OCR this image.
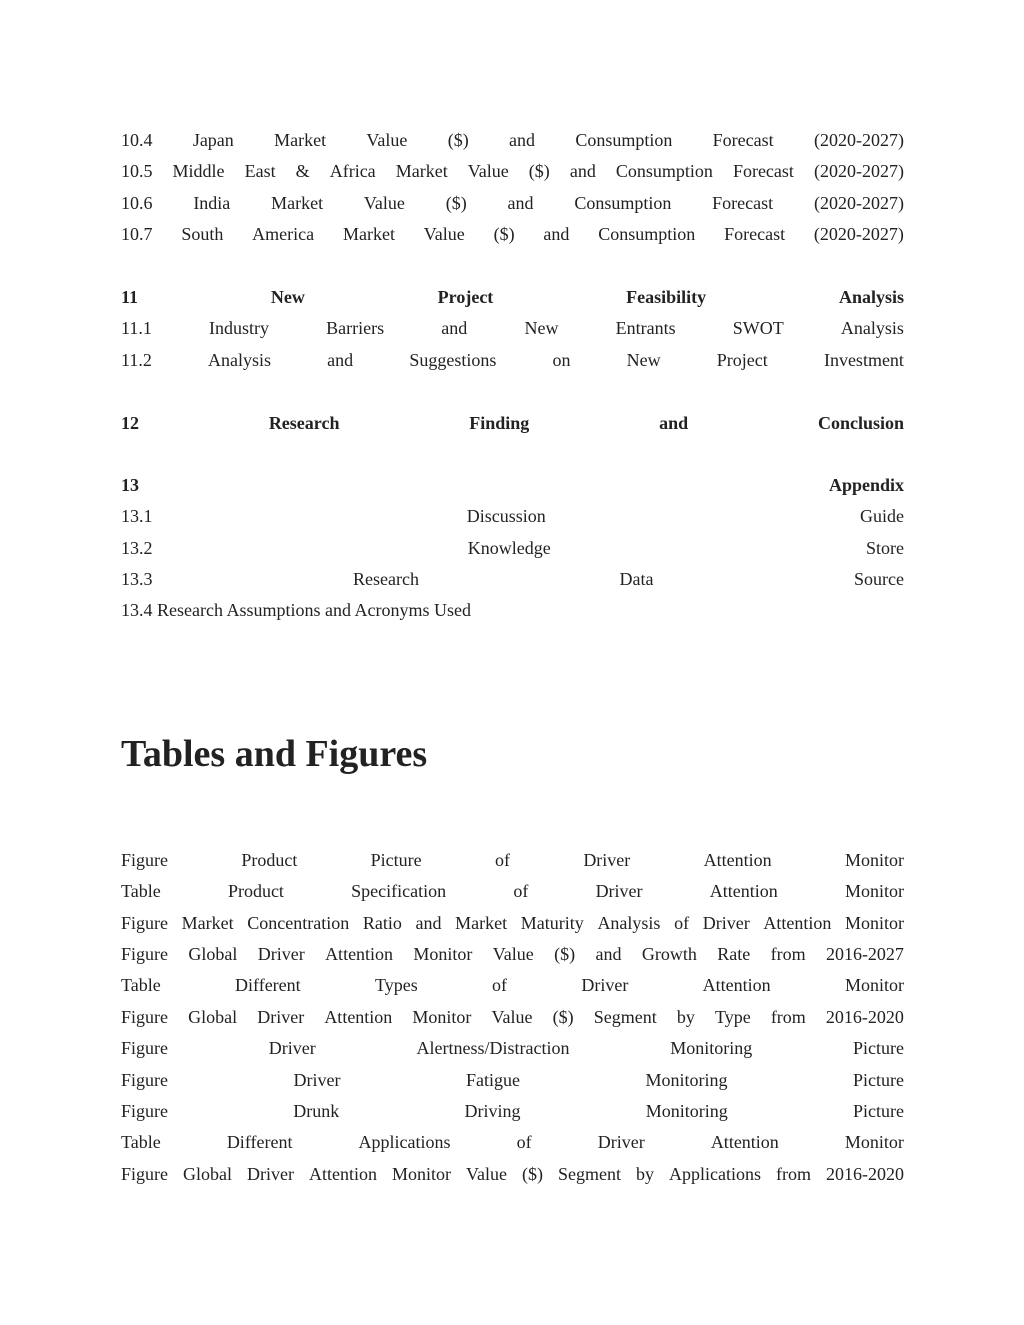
10.4 Japan Market Value ($) and Consumption Forecast (2020-2027)
10.5 Middle East & Africa Market Value ($) and Consumption Forecast (2020-2027)
10.6 India Market Value ($) and Consumption Forecast (2020-2027)
10.7 South America Market Value ($) and Consumption Forecast (2020-2027)
11	New	Project	Feasibility	Analysis
11.1	Industry	Barriers	and	New	Entrants	SWOT	Analysis
11.2	Analysis	and	Suggestions	on	New	Project	Investment
12	Research	Finding	and	Conclusion
13	Appendix
13.1	Discussion	Guide
13.2	Knowledge	Store
13.3	Research	Data	Source
13.4 Research Assumptions and Acronyms Used
Tables and Figures
Figure	Product	Picture	of	Driver	Attention	Monitor
Table	Product	Specification	of	Driver	Attention	Monitor
Figure Market Concentration Ratio and Market Maturity Analysis of Driver Attention Monitor
Figure Global Driver Attention Monitor Value ($) and Growth Rate from 2016-2027
Table	Different	Types	of	Driver	Attention	Monitor
Figure Global Driver Attention Monitor Value ($) Segment by Type from 2016-2020
Figure	Driver	Alertness/Distraction	Monitoring	Picture
Figure	Driver	Fatigue	Monitoring	Picture
Figure	Drunk	Driving	Monitoring	Picture
Table	Different	Applications	of	Driver	Attention	Monitor
Figure Global Driver Attention Monitor Value ($) Segment by Applications from 2016-2020
